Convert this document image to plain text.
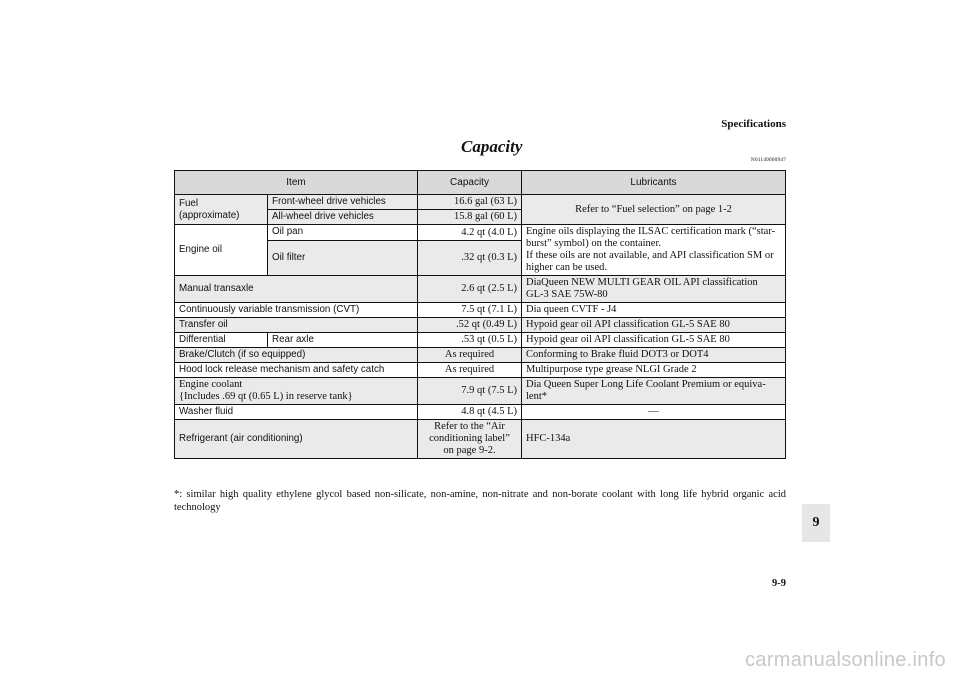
Specifications
Capacity
N01149000947
Item		Capacity	Lubricants
Fuel
(approximate)	Front-wheel drive vehicles	16.6 gal (63 L)	Refer to “Fuel selection” on page 1-2
	All-wheel drive vehicles	15.8 gal (60 L)	
Engine oil	Oil pan	4.2 qt (4.0 L)	Engine oils displaying the ILSAC certification mark (“star-burst” symbol) on the container.
If these oils are not available, and API classification SM or higher can be used.
	Oil filter	.32 qt (0.3 L)	
Manual transaxle		2.6 qt (2.5 L)	DiaQueen NEW MULTI GEAR OIL API classification
GL-3 SAE 75W-80
Continuously variable transmission (CVT)		7.5 qt (7.1 L)	Dia queen CVTF - J4
Transfer oil		.52 qt (0.49 L)	Hypoid gear oil API classification GL-5 SAE 80
Differential	Rear axle	.53 qt (0.5 L)	Hypoid gear oil API classification GL-5 SAE 80
Brake/Clutch (if so equipped)		As required	Conforming to Brake fluid DOT3 or DOT4
Hood lock release mechanism and safety catch		As required	Multipurpose type grease NLGI Grade 2
Engine coolant
{Includes .69 qt (0.65 L) in reserve tank}		7.9 qt (7.5 L)	Dia Queen Super Long Life Coolant Premium or equiva-
lent*
Washer fluid		4.8 qt (4.5 L)	—
Refrigerant (air conditioning)		Refer to the “Air
conditioning label”
on page 9-2.	HFC-134a
*: similar high quality ethylene glycol based non-silicate, non-amine, non-nitrate and non-borate coolant with long life hybrid organic acid technology
9
9-9
carmanualsonline.info
